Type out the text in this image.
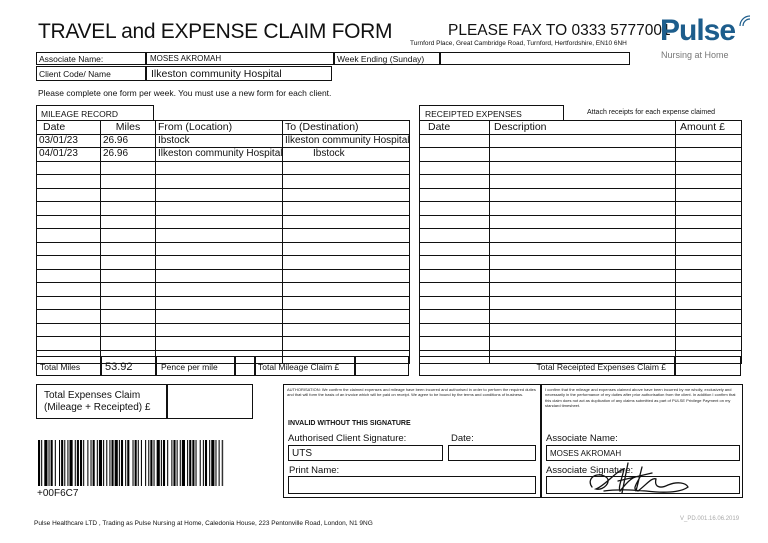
TRAVEL and EXPENSE CLAIM FORM	PLEASE FAX TO 0333 5777001
Turnford Place, Great Cambridge Road, Turnford, Hertfordshire, EN10 6NH Pulse
Nursing at Home
Associate Name:	MOSES AKROMAH	Week Ending (Sunday)
Client Code/ Name	Ilkeston community Hospital
Please complete one form per week. You must use a new form for each client.
MILEAGE RECORD
Date	Miles	From (Location)	To (Destination)
03/01/23	26.96	Ibstock	Ilkeston community Hospital
04/01/23	26.96	Ilkeston community Hospital	Ibstock

RECEIPTED EXPENSES	Attach receipts for each expense claimed
Date	Description	Amount £

Total Miles 53.92	Pence per mile	Total Mileage Claim £	Total Receipted Expenses Claim £
Total Expenses Claim
(Mileage + Receipted) £
AUTHORISATION: We confirm the claimed expenses and mileage have been incurred and authorised in order to perform the required duties and that will form the basis of an invoice which will be paid on receipt. We agree to be bound by the terms and conditions of business.
INVALID WITHOUT THIS SIGNATURE
Authorised Client Signature:	Date:
UTS
Print Name:
I confirm that the mileage and expenses claimed above have been incurred by me wholly, exclusively and necessarily in the performance of my duties after prior authorisation from the client. In addition I confirm that this claim does not act as duplication of any claims submitted as part of PULSE Privilege Payment on my standard timesheet.
Associate Name:
MOSES AKROMAH
Associate Signature:
+00F6C7
Pulse Healthcare LTD , Trading as Pulse Nursing at Home, Caledonia House, 223 Pentonville Road, London, N1 9NG
V_PD.001.16.06.2019
